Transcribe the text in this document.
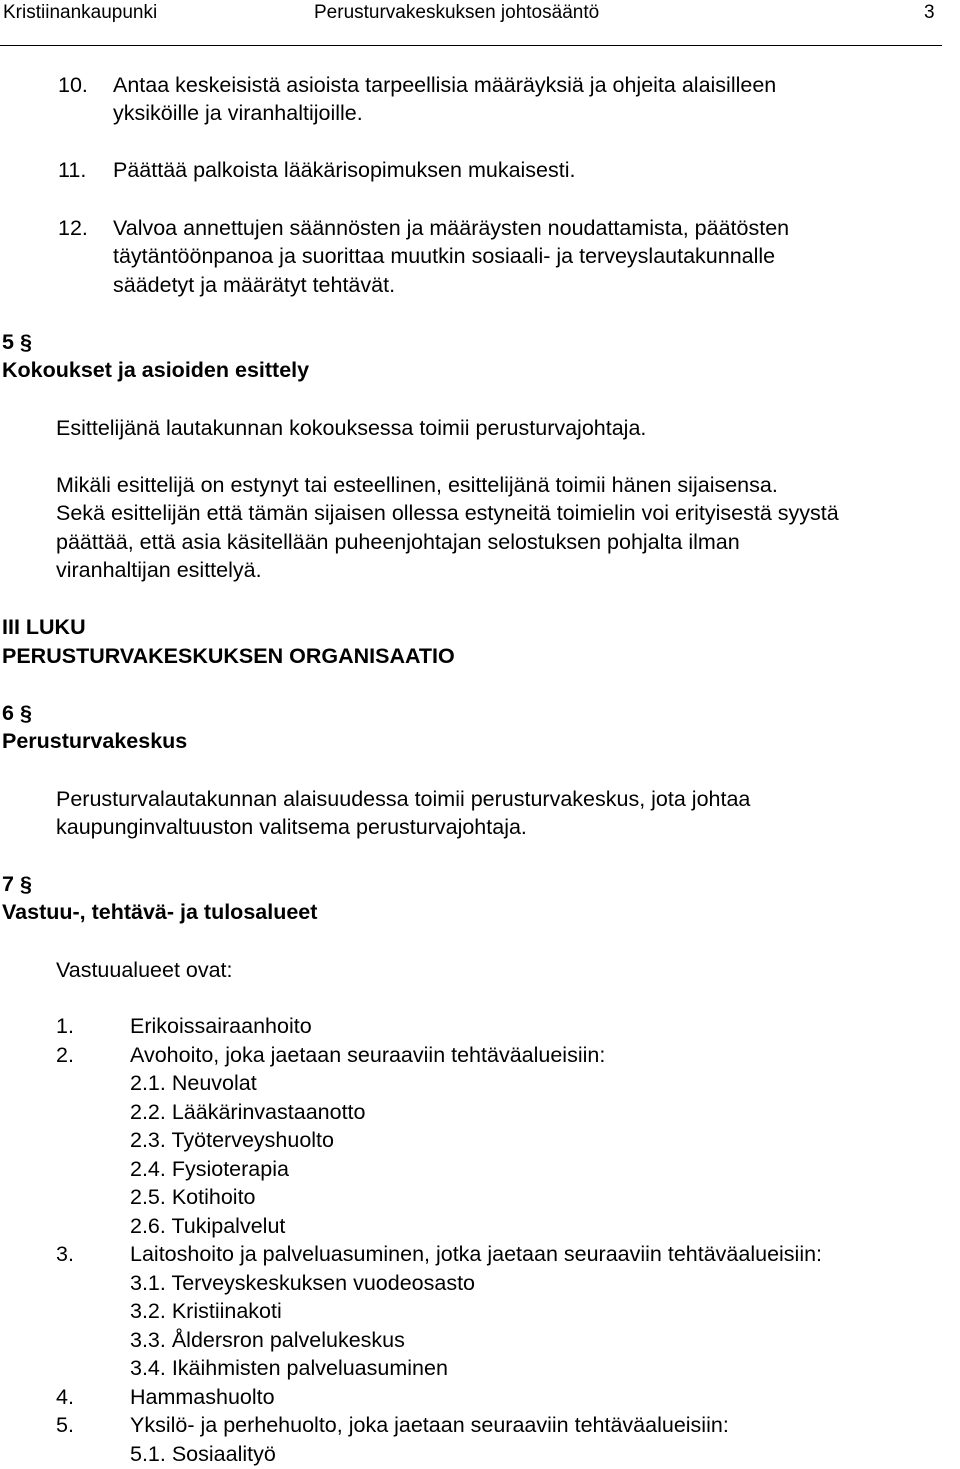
Kristiinankaupunki	Perusturvakeskuksen johtosääntö	3
10. Antaa keskeisistä asioista tarpeellisia määräyksiä ja ohjeita alaisilleen
yksiköille ja viranhaltijoille.
11. Päättää palkoista lääkärisopimuksen mukaisesti.
12. Valvoa annettujen säännösten ja määräysten noudattamista, päätösten
täytäntöönpanoa ja suorittaa muutkin sosiaali- ja terveyslautakunnalle
säädetyt ja määrätyt tehtävät.
5 §
Kokoukset ja asioiden esittely
Esittelijänä lautakunnan kokouksessa toimii perusturvajohtaja.
Mikäli esittelijä on estynyt tai esteellinen, esittelijänä toimii hänen sijaisensa.
Sekä esittelijän että tämän sijaisen ollessa estyneitä toimielin voi erityisestä syystä
päättää, että asia käsitellään puheenjohtajan selostuksen pohjalta ilman
viranhaltijan esittelyä.
III LUKU
PERUSTURVAKESKUKSEN ORGANISAATIO
6 §
Perusturvakeskus
Perusturvalautakunnan alaisuudessa toimii perusturvakeskus, jota johtaa
kaupunginvaltuuston valitsema perusturvajohtaja.
7 §
Vastuu-, tehtävä- ja tulosalueet
Vastuualueet ovat:
1.	Erikoissairaanhoito
2.	Avohoito, joka jaetaan seuraaviin tehtäväalueisiin:
2.1. Neuvolat
2.2. Lääkärinvastaanotto
2.3. Työterveyshuolto
2.4. Fysioterapia
2.5. Kotihoito
2.6. Tukipalvelut
3.	Laitoshoito ja palveluasuminen, jotka jaetaan seuraaviin tehtäväalueisiin:
3.1. Terveyskeskuksen vuodeosasto
3.2. Kristiinakoti
3.3. Åldersron palvelukeskus
3.4. Ikäihmisten palveluasuminen
4.	Hammashuolto
5.	Yksilö- ja perhehuolto, joka jaetaan seuraaviin tehtäväalueisiin:
5.1. Sosiaalityö
